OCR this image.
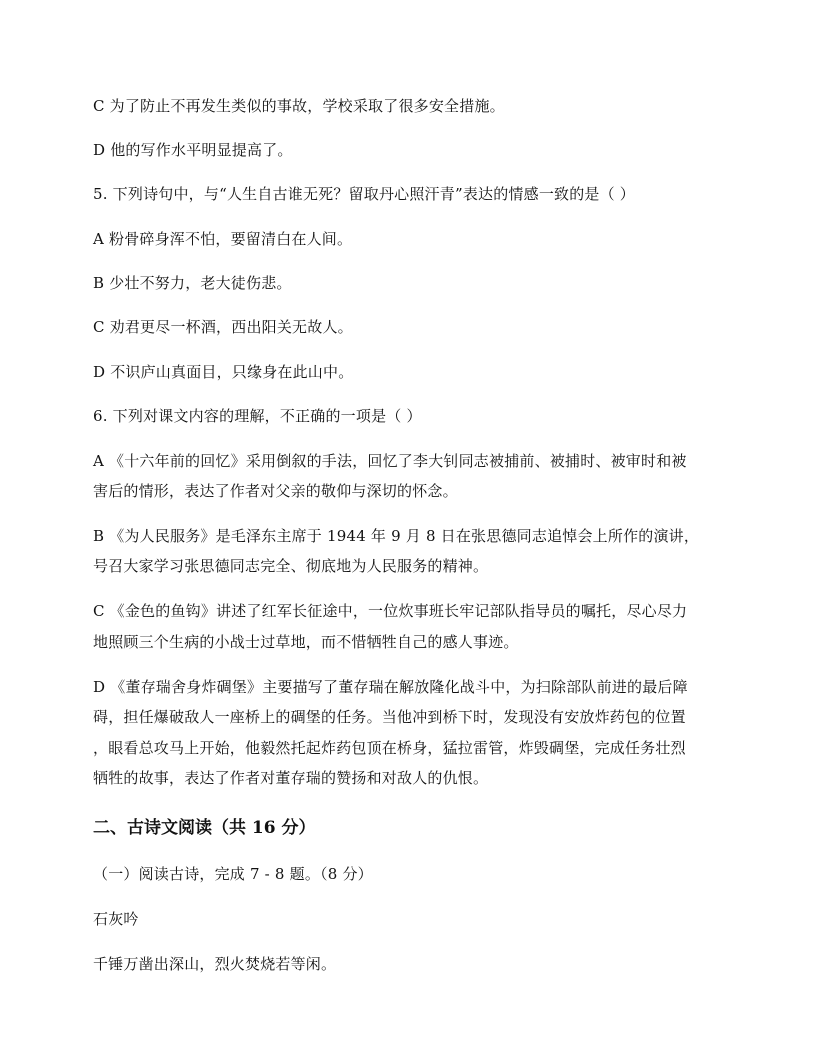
C 为了防止不再发生类似的事故，学校采取了很多安全措施。
D 他的写作水平明显提高了。
5. 下列诗句中，与“人生自古谁无死？留取丹心照汗青”表达的情感一致的是（ ）
A 粉骨碎身浑不怕，要留清白在人间。
B 少壮不努力，老大徒伤悲。
C 劝君更尽一杯酒，西出阳关无故人。
D 不识庐山真面目，只缘身在此山中。
6. 下列对课文内容的理解，不正确的一项是（ ）
A 《十六年前的回忆》采用倒叙的手法，回忆了李大钊同志被捕前、被捕时、被审时和被
害后的情形，表达了作者对父亲的敬仰与深切的怀念。
B 《为人民服务》是毛泽东主席于 1944 年 9 月 8 日在张思德同志追悼会上所作的演讲，
号召大家学习张思德同志完全、彻底地为人民服务的精神。
C 《金色的鱼钩》讲述了红军长征途中，一位炊事班长牢记部队指导员的嘱托，尽心尽力
地照顾三个生病的小战士过草地，而不惜牺牲自己的感人事迹。
D 《董存瑞舍身炸碉堡》主要描写了董存瑞在解放隆化战斗中，为扫除部队前进的最后障
碍，担任爆破敌人一座桥上的碉堡的任务。当他冲到桥下时，发现没有安放炸药包的位置
，眼看总攻马上开始，他毅然托起炸药包顶在桥身，猛拉雷管，炸毁碉堡，完成任务壮烈
牺牲的故事，表达了作者对董存瑞的赞扬和对敌人的仇恨。
二、古诗文阅读（共 16 分）
（一）阅读古诗，完成 7 - 8 题。（8 分）
石灰吟
千锤万凿出深山，烈火焚烧若等闲。
